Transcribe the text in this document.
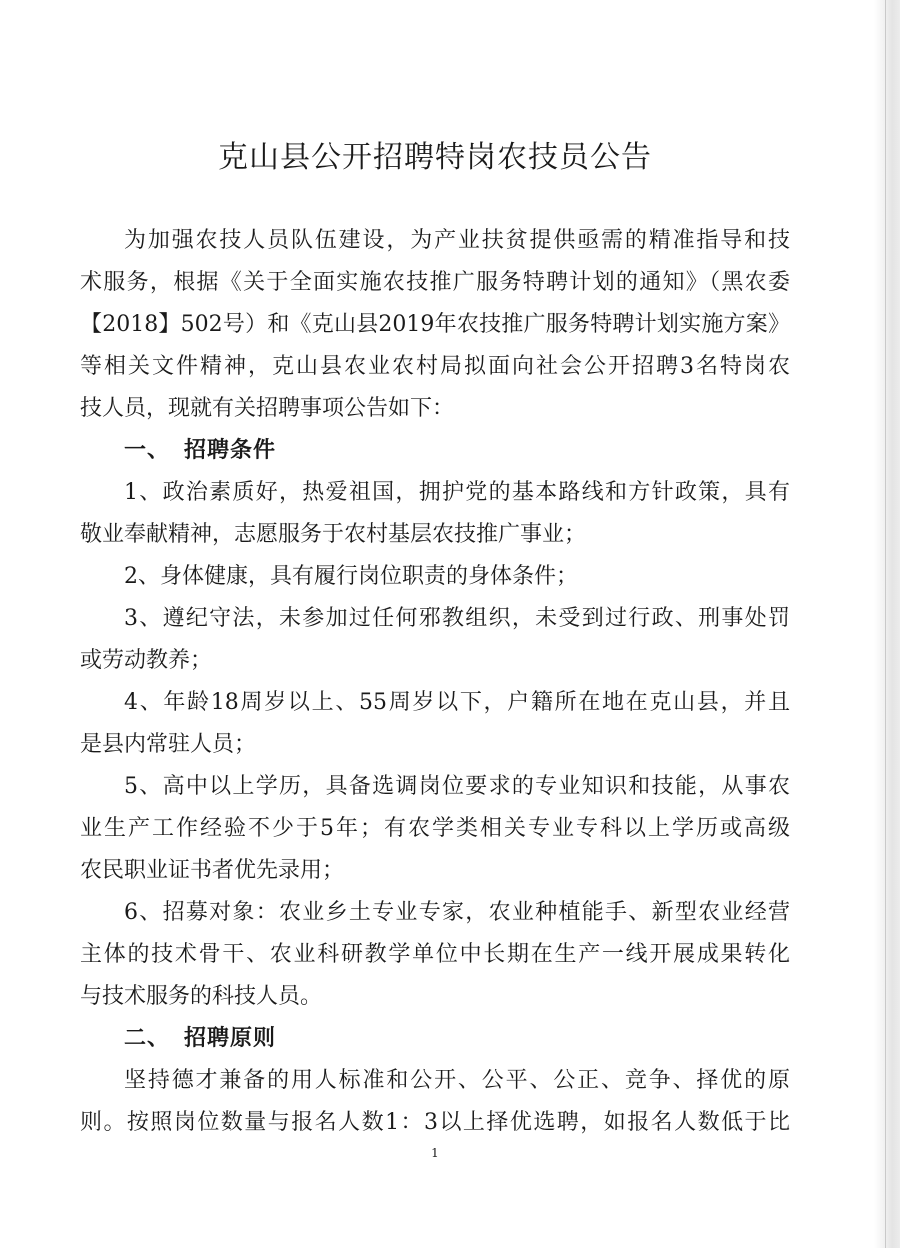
克山县公开招聘特岗农技员公告
为加强农技人员队伍建设，为产业扶贫提供亟需的精准指导和技
术服务，根据《关于全面实施农技推广服务特聘计划的通知》（黑农委
【2018】502号）和《克山县2019年农技推广服务特聘计划实施方案》
等相关文件精神，克山县农业农村局拟面向社会公开招聘3名特岗农
技人员，现就有关招聘事项公告如下：
一、 招聘条件
1、政治素质好，热爱祖国，拥护党的基本路线和方针政策，具有
敬业奉献精神，志愿服务于农村基层农技推广事业；
2、身体健康，具有履行岗位职责的身体条件；
3、遵纪守法，未参加过任何邪教组织，未受到过行政、刑事处罚
或劳动教养；
4、年龄18周岁以上、55周岁以下，户籍所在地在克山县，并且
是县内常驻人员；
5、高中以上学历，具备选调岗位要求的专业知识和技能，从事农
业生产工作经验不少于5年；有农学类相关专业专科以上学历或高级
农民职业证书者优先录用；
6、招募对象：农业乡土专业专家，农业种植能手、新型农业经营
主体的技术骨干、农业科研教学单位中长期在生产一线开展成果转化
与技术服务的科技人员。
二、 招聘原则
坚持德才兼备的用人标准和公开、公平、公正、竞争、择优的原
则。按照岗位数量与报名人数1：3以上择优选聘，如报名人数低于比
1
